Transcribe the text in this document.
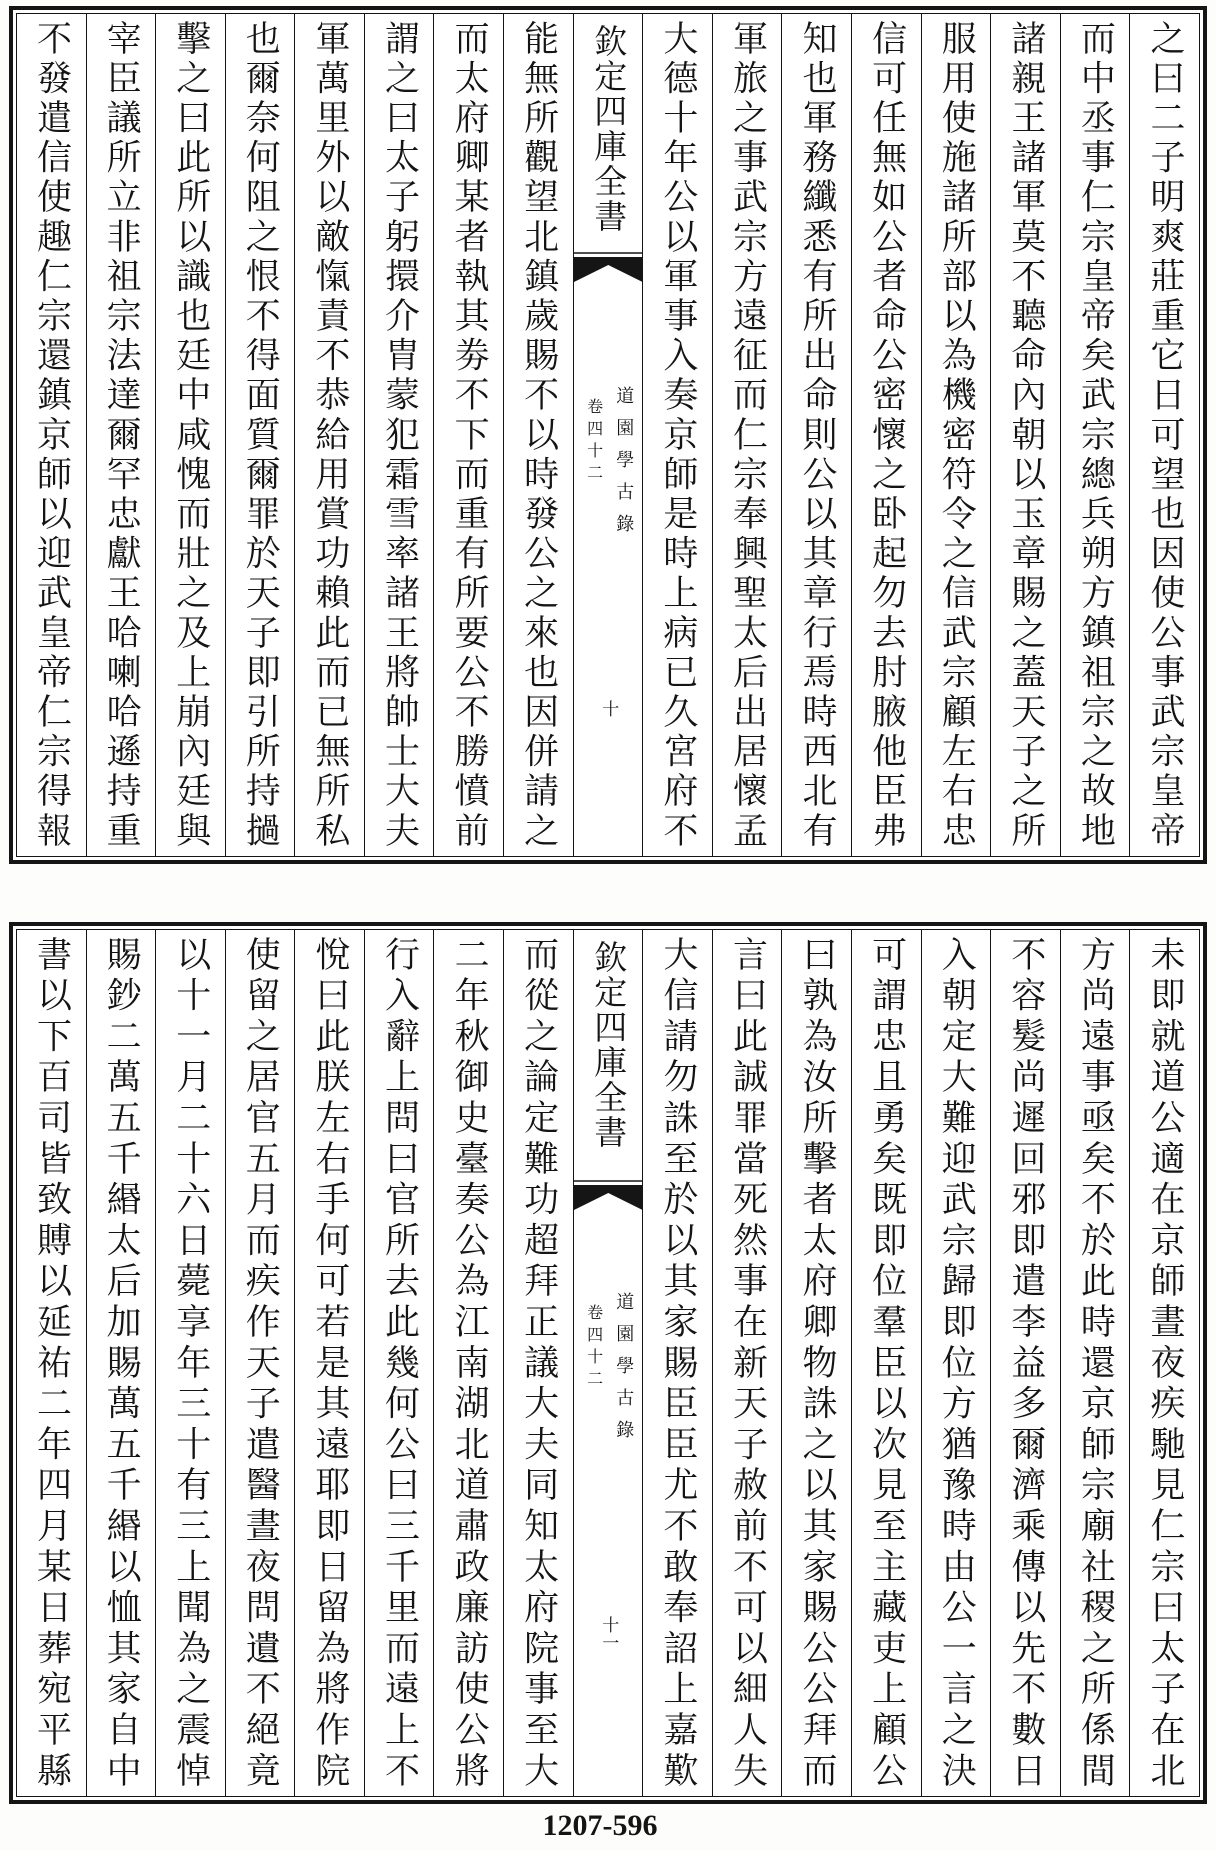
之曰二子明爽莊重它日可望也因使公事武宗皇帝
而中丞事仁宗皇帝矣武宗總兵朔方鎮祖宗之故地
諸親王諸軍莫不聽命內朝以玉章賜之蓋天子之所
服用使施諸所部以為機密符令之信武宗顧左右忠
信可任無如公者命公密懷之卧起勿去肘腋他臣弗
知也軍務纖悉有所出命則公以其章行焉時西北有
軍旅之事武宗方遠征而仁宗奉興聖太后出居懷孟
大德十年公以軍事入奏京師是時上病已久宮府不
欽定四庫全書
道園學古錄
卷四十二
十
能無所觀望北鎮歲賜不以時發公之來也因併請之
而太府卿某者執其劵不下而重有所要公不勝憤前
謂之曰太子躬擐介胄蒙犯霜雪率諸王將帥士大夫
軍萬里外以敵愾責不恭給用賞功賴此而已無所私
也爾奈何阻之恨不得面質爾罪於天子即引所持撾
擊之曰此所以識也廷中咸愧而壯之及上崩內廷與
宰臣議所立非祖宗法達爾罕忠獻王哈喇哈遜持重
不發遣信使趣仁宗還鎮京師以迎武皇帝仁宗得報
未即就道公適在京師晝夜疾馳見仁宗曰太子在北
方尚遠事亟矣不於此時還京師宗廟社稷之所係間
不容髮尚遲回邪即遣李益多爾濟乘傳以先不數日
入朝定大難迎武宗歸即位方猶豫時由公一言之決
可謂忠且勇矣既即位羣臣以次見至主藏吏上顧公
曰孰為汝所擊者太府卿物誅之以其家賜公公拜而
言曰此誠罪當死然事在新天子赦前不可以細人失
大信請勿誅至於以其家賜臣臣尤不敢奉詔上嘉歎
欽定四庫全書
道園學古錄
卷四十二
十一
而從之論定難功超拜正議大夫同知太府院事至大
二年秋御史臺奏公為江南湖北道肅政廉訪使公將
行入辭上問曰官所去此幾何公曰三千里而遠上不
悅曰此朕左右手何可若是其遠耶即日留為將作院
使留之居官五月而疾作天子遣醫晝夜問遺不絕竟
以十一月二十六日薨享年三十有三上聞為之震悼
賜鈔二萬五千緡太后加賜萬五千緡以恤其家自中
書以下百司皆致賻以延祐二年四月某日葬宛平縣
1207-596
